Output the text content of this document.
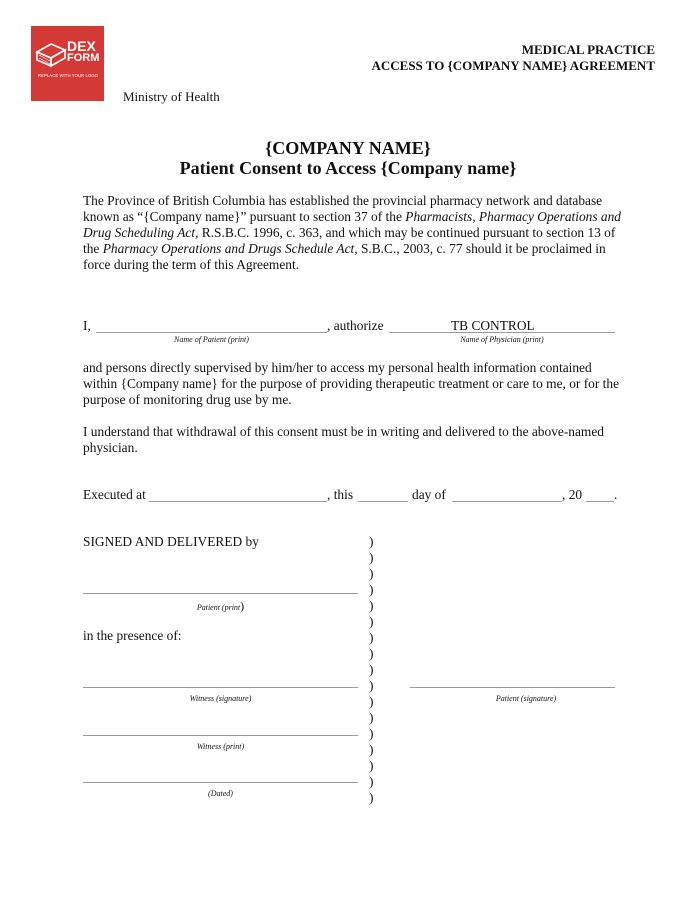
DEX
FORM
REPLACE WITH YOUR LOGO
MEDICAL PRACTICE
ACCESS TO {COMPANY NAME} AGREEMENT
Ministry of Health
{COMPANY NAME}
Patient Consent to Access {Company name}
The Province of British Columbia has established the provincial pharmacy network and database known as “{Company name}” pursuant to section 37 of the Pharmacists, Pharmacy Operations and Drug Scheduling Act, R.S.B.C. 1996, c. 363, and which may be continued pursuant to section 13 of the Pharmacy Operations and Drugs Schedule Act, S.B.C., 2003, c. 77 should it be proclaimed in force during the term of this Agreement.
I,	, authorize	TB CONTROL
Name of Patient (print)	Name of Physician (print)
and persons directly supervised by him/her to access my personal health information contained within {Company name} for the purpose of providing therapeutic treatment or care to me, or for the purpose of monitoring drug use by me.
I understand that withdrawal of this consent must be in writing and delivered to the above-named physician.
Executed at	, this	day of	, 20 .
SIGNED AND DELIVERED by
Patient (print)
in the presence of:
Witness (signature)	Patient (signature)
Witness (print)
(Dated)
)
)
)
)
)
)
)
)
)
)
)
)
)
)
)
)
)
